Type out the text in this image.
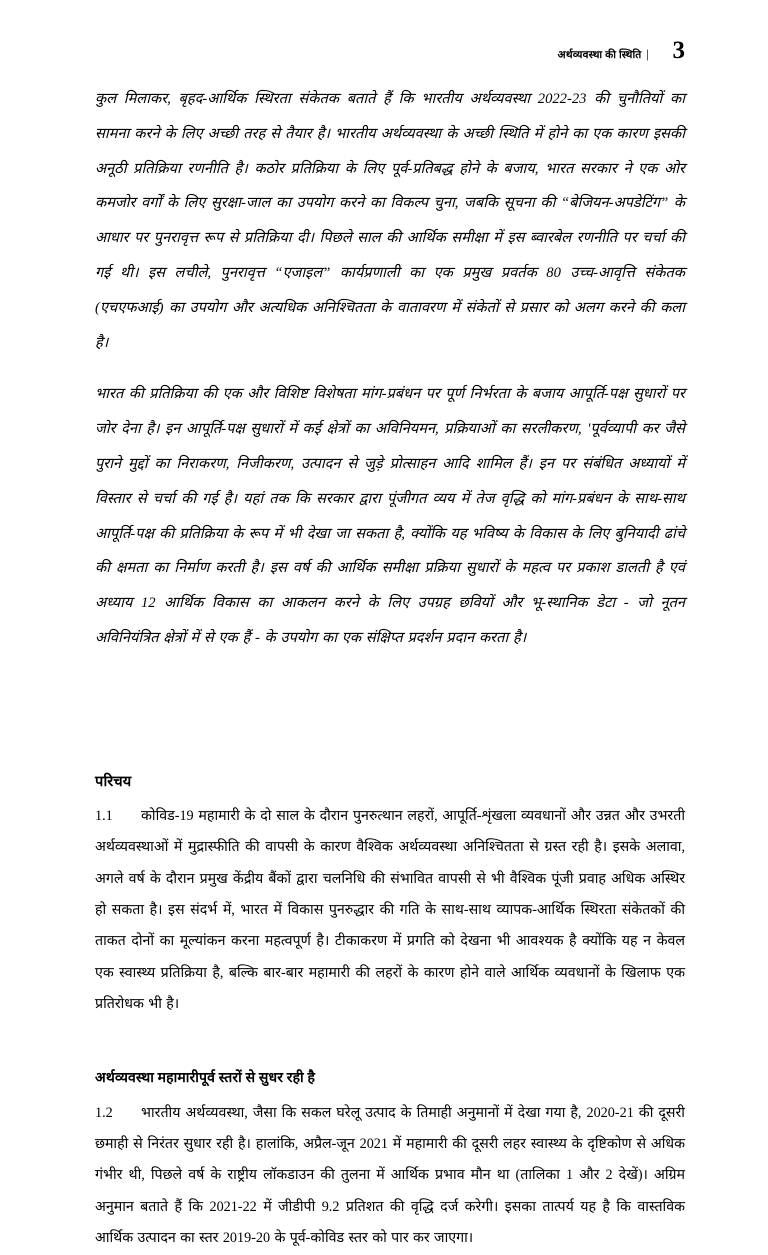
अर्थव्यवस्था की स्थिति | 3

कुल मिलाकर, बृहद-आर्थिक स्थिरता संकेतक बताते हैं कि भारतीय अर्थव्यवस्था 2022-23 की चुनौतियों का सामना करने के लिए अच्छी तरह से तैयार है। भारतीय अर्थव्यवस्था के अच्छी स्थिति में होने का एक कारण इसकी अनूठी प्रतिक्रिया रणनीति है। कठोर प्रतिक्रिया के लिए पूर्व-प्रतिबद्ध होने के बजाय, भारत सरकार ने एक ओर कमजोर वर्गों के लिए सुरक्षा-जाल का उपयोग करने का विकल्प चुना, जबकि सूचना की “बेजियन-अपडेटिंग” के आधार पर पुनरावृत्त रूप से प्रतिक्रिया दी। पिछले साल की आर्थिक समीक्षा में इस ब्वारबेल रणनीति पर चर्चा की गई थी। इस लचीले, पुनरावृत्त “एजाइल” कार्यप्रणाली का एक प्रमुख प्रवर्तक 80 उच्च-आवृत्ति संकेतक (एचएफआई) का उपयोग और अत्यधिक अनिश्चितता के वातावरण में संकेतों से प्रसार को अलग करने की कला है।

भारत की प्रतिक्रिया की एक और विशिष्ट विशेषता मांग-प्रबंधन पर पूर्ण निर्भरता के बजाय आपूर्ति-पक्ष सुधारों पर जोर देना है। इन आपूर्ति-पक्ष सुधारों में कई क्षेत्रों का अविनियमन, प्रक्रियाओं का सरलीकरण, 'पूर्वव्यापी कर जैसे पुराने मुद्दों का निराकरण, निजीकरण, उत्पादन से जुड़े प्रोत्साहन आदि शामिल हैं। इन पर संबंधित अध्यायों में विस्तार से चर्चा की गई है। यहां तक कि सरकार द्वारा पूंजीगत व्यय में तेज वृद्धि को मांग-प्रबंधन के साथ-साथ आपूर्ति-पक्ष की प्रतिक्रिया के रूप में भी देखा जा सकता है, क्योंकि यह भविष्य के विकास के लिए बुनियादी ढांचे की क्षमता का निर्माण करती है। इस वर्ष की आर्थिक समीक्षा प्रक्रिया सुधारों के महत्व पर प्रकाश डालती है एवं अध्याय 12 आर्थिक विकास का आकलन करने के लिए उपग्रह छवियों और भू-स्थानिक डेटा - जो नूतन अविनियंत्रित क्षेत्रों में से एक हैं - के उपयोग का एक संक्षिप्त प्रदर्शन प्रदान करता है।

परिचय

1.1 कोविड-19 महामारी के दो साल के दौरान पुनरुत्थान लहरों, आपूर्ति-शृंखला व्यवधानों और उन्नत और उभरती अर्थव्यवस्थाओं में मुद्रास्फीति की वापसी के कारण वैश्विक अर्थव्यवस्था अनिश्चितता से ग्रस्त रही है। इसके अलावा, अगले वर्ष के दौरान प्रमुख केंद्रीय बैंकों द्वारा चलनिधि की संभावित वापसी से भी वैश्विक पूंजी प्रवाह अधिक अस्थिर हो सकता है। इस संदर्भ में, भारत में विकास पुनरुद्धार की गति के साथ-साथ व्यापक-आर्थिक स्थिरता संकेतकों की ताकत दोनों का मूल्यांकन करना महत्वपूर्ण है। टीकाकरण में प्रगति को देखना भी आवश्यक है क्योंकि यह न केवल एक स्वास्थ्य प्रतिक्रिया है, बल्कि बार-बार महामारी की लहरों के कारण होने वाले आर्थिक व्यवधानों के खिलाफ एक प्रतिरोधक भी है।

अर्थव्यवस्था महामारीपूर्व स्तरों से सुधर रही है

1.2 भारतीय अर्थव्यवस्था, जैसा कि सकल घरेलू उत्पाद के तिमाही अनुमानों में देखा गया है, 2020-21 की दूसरी छमाही से निरंतर सुधार रही है। हालांकि, अप्रैल-जून 2021 में महामारी की दूसरी लहर स्वास्थ्य के दृष्टिकोण से अधिक गंभीर थी, पिछले वर्ष के राष्ट्रीय लॉकडाउन की तुलना में आर्थिक प्रभाव मौन था (तालिका 1 और 2 देखें)। अग्रिम अनुमान बताते हैं कि 2021-22 में जीडीपी 9.2 प्रतिशत की वृद्धि दर्ज करेगी। इसका तात्पर्य यह है कि वास्तविक आर्थिक उत्पादन का स्तर 2019-20 के पूर्व-कोविड स्तर को पार कर जाएगा।
